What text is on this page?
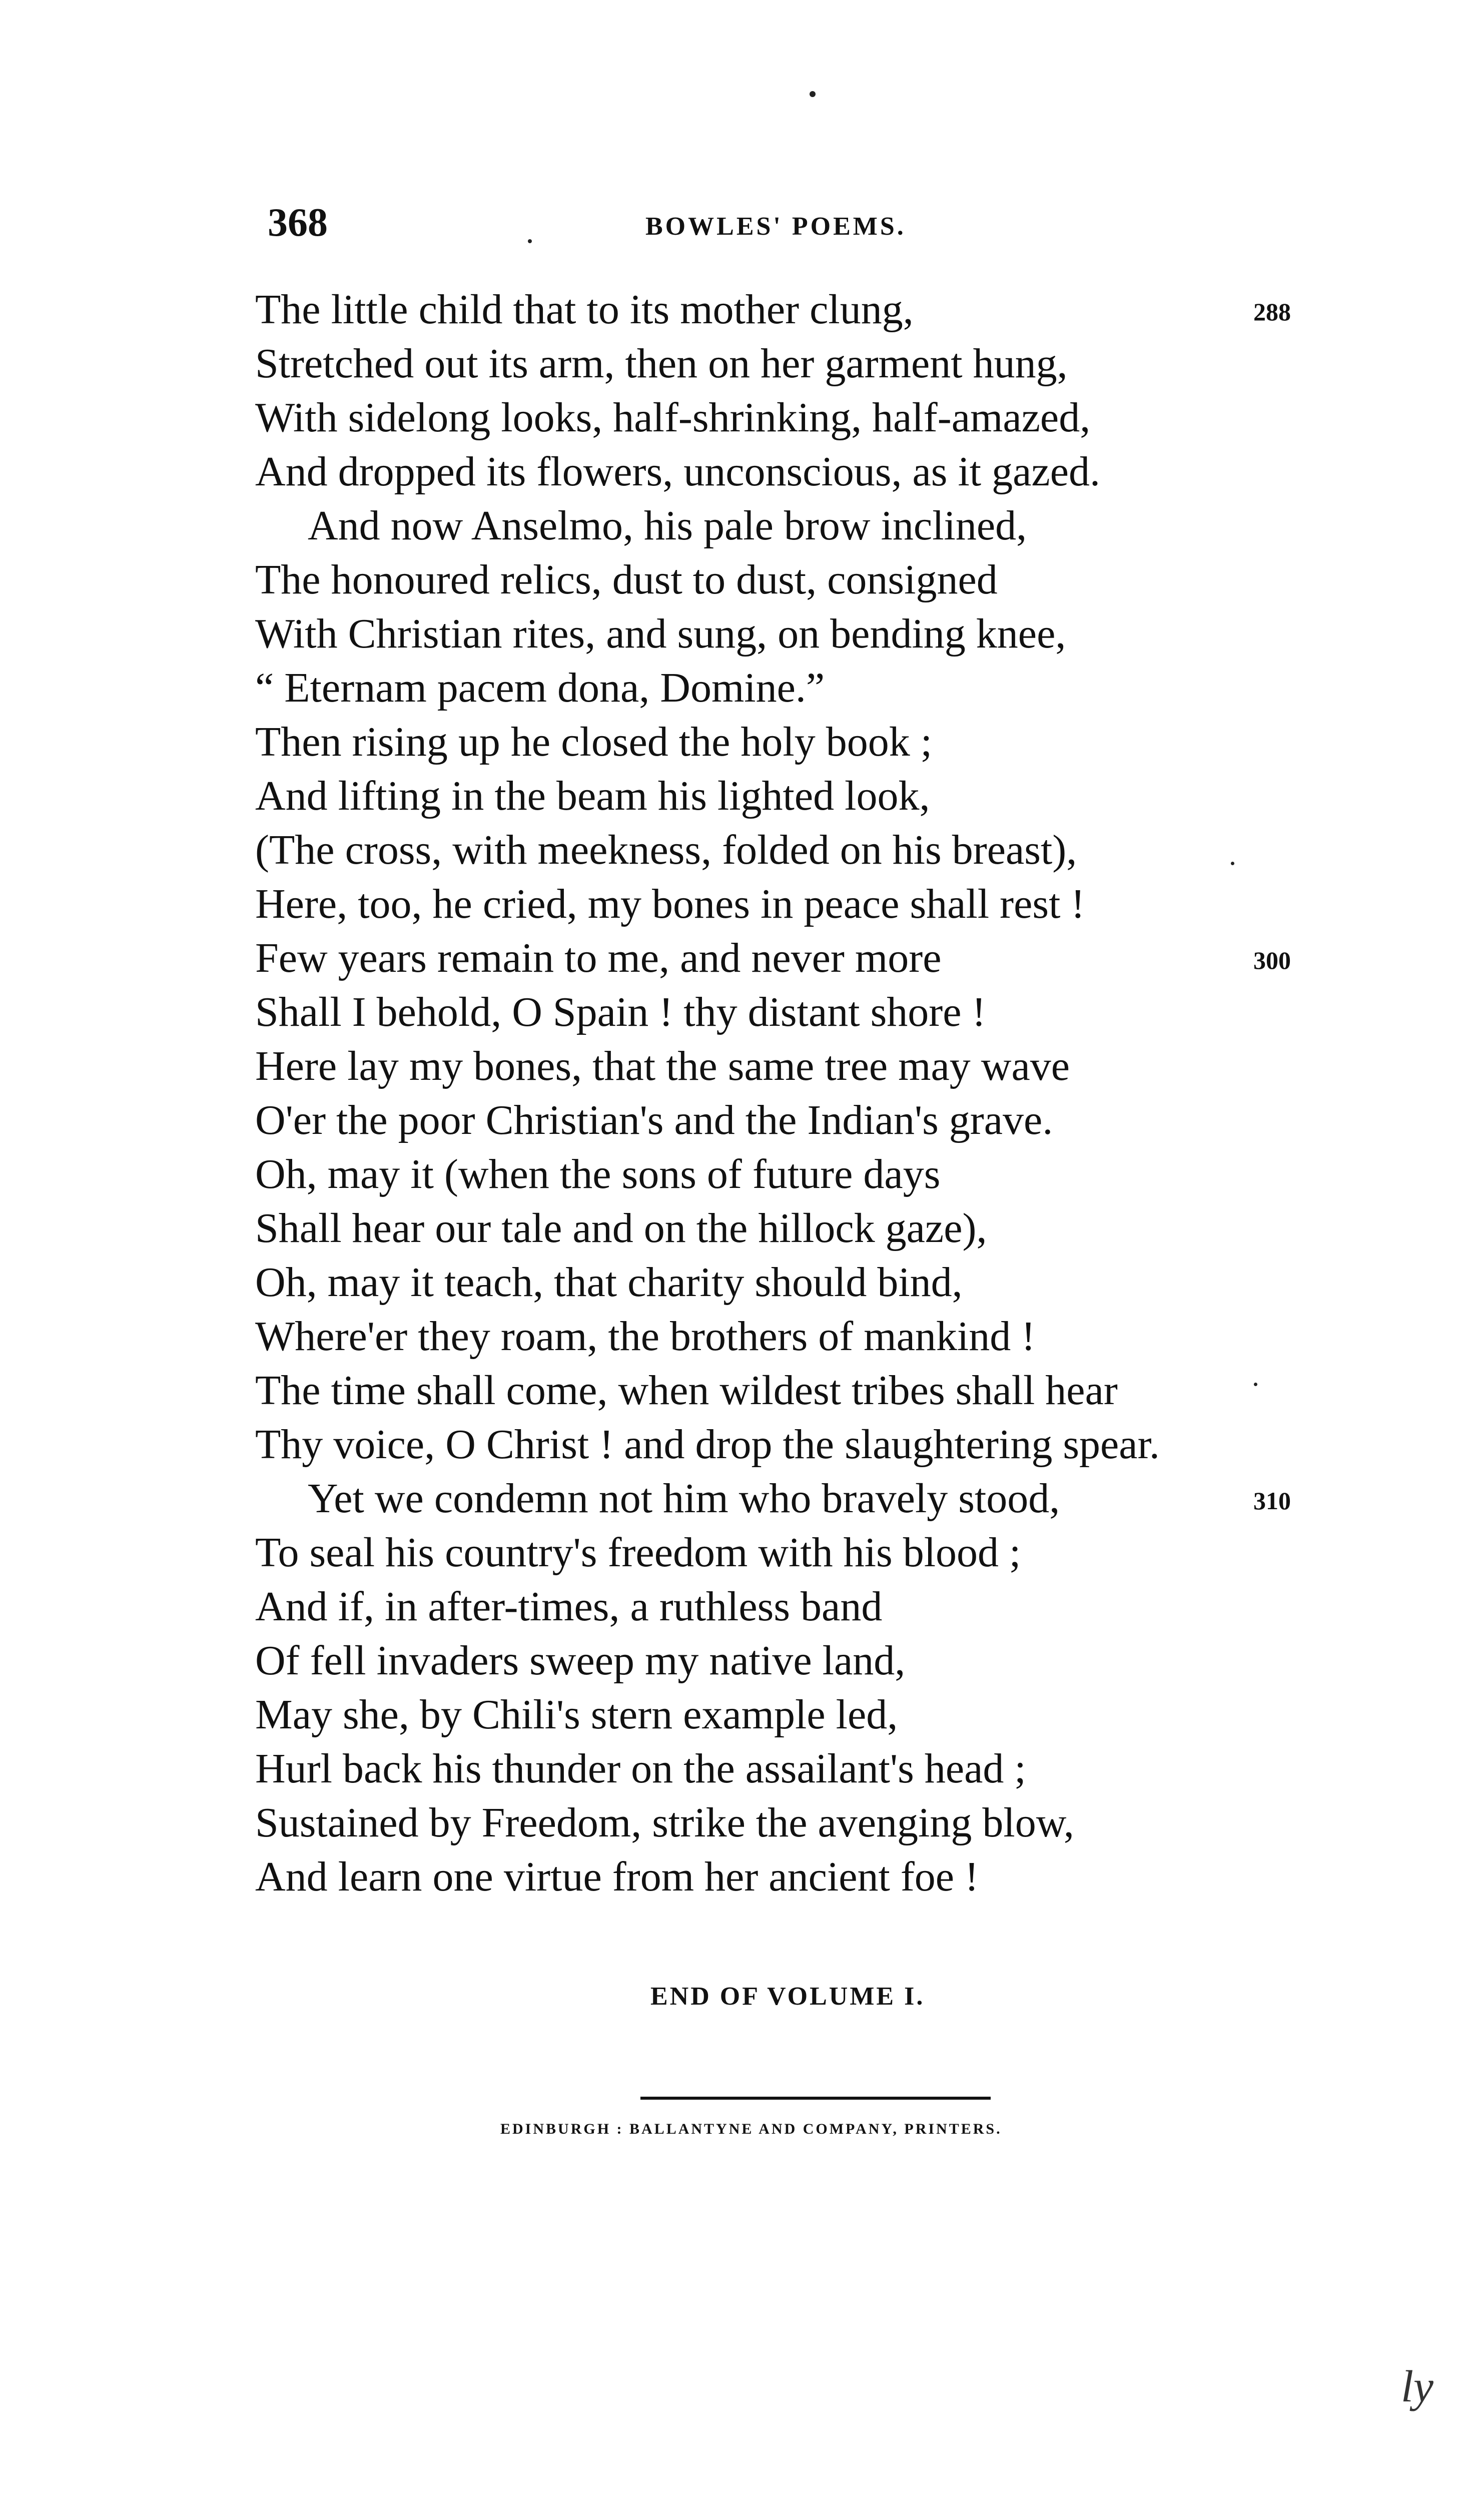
368	BOWLES' POEMS.
The little child that to its mother clung,	288
Stretched out its arm, then on her garment hung,
With sidelong looks, half-shrinking, half-amazed,
And dropped its flowers, unconscious, as it gazed.
And now Anselmo, his pale brow inclined,
The honoured relics, dust to dust, consigned
With Christian rites, and sung, on bending knee,
“ Eternam pacem dona, Domine.”
Then rising up he closed the holy book ;
And lifting in the beam his lighted look,
(The cross, with meekness, folded on his breast),
Here, too, he cried, my bones in peace shall rest !
Few years remain to me, and never more	300
Shall I behold, O Spain ! thy distant shore !
Here lay my bones, that the same tree may wave
O'er the poor Christian's and the Indian's grave.
Oh, may it (when the sons of future days
Shall hear our tale and on the hillock gaze),
Oh, may it teach, that charity should bind,
Where'er they roam, the brothers of mankind !
The time shall come, when wildest tribes shall hear
Thy voice, O Christ ! and drop the slaughtering spear.
Yet we condemn not him who bravely stood,	310
To seal his country's freedom with his blood ;
And if, in after-times, a ruthless band
Of fell invaders sweep my native land,
May she, by Chili's stern example led,
Hurl back his thunder on the assailant's head ;
Sustained by Freedom, strike the avenging blow,
And learn one virtue from her ancient foe !
END OF VOLUME I.
EDINBURGH : BALLANTYNE AND COMPANY, PRINTERS.
ly
